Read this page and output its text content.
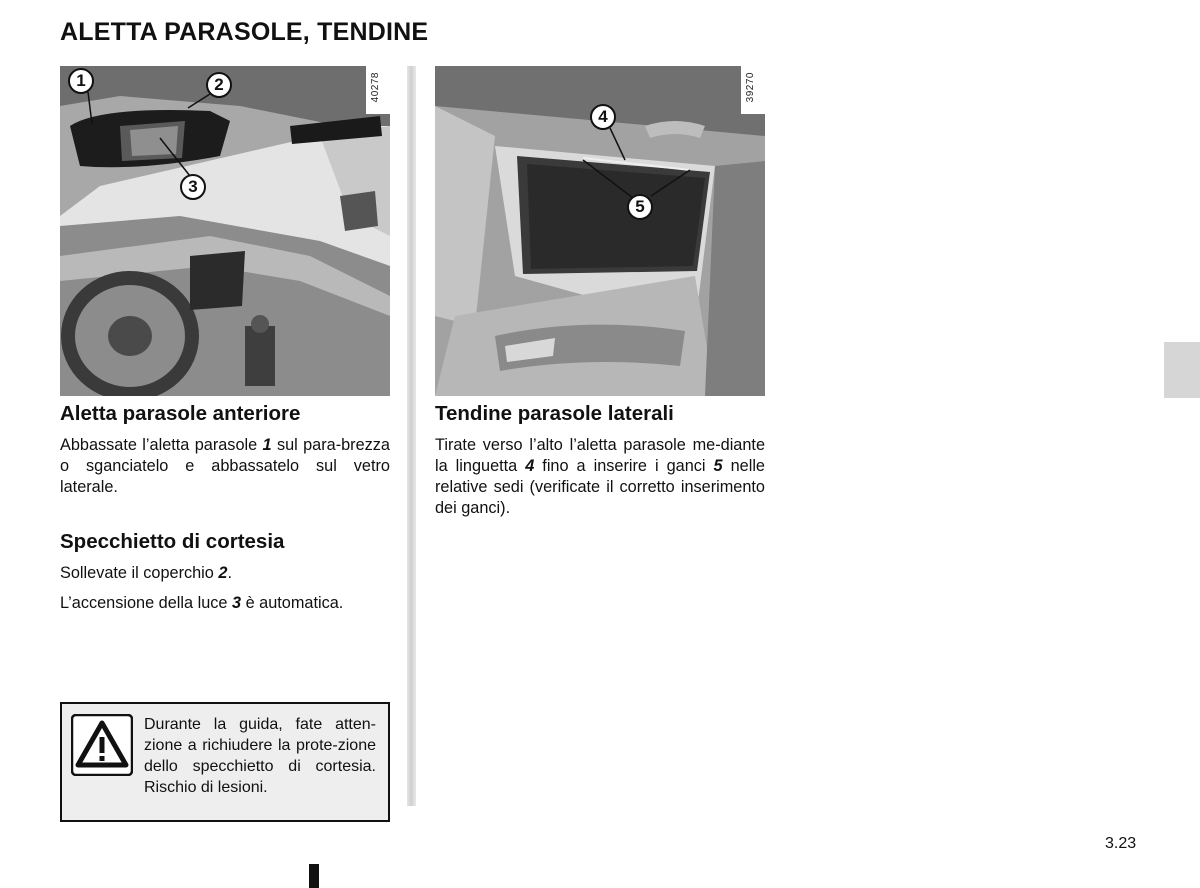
ALETTA PARASOLE, TENDINE
1	2
3
40278
4
5
39270
Aletta parasole anteriore

Abbassate l’aletta parasole 1 sul para-brezza o sganciatelo e abbassatelo sul vetro laterale.

Specchietto di cortesia

Sollevate il coperchio 2.

L’accensione della luce 3 è automatica.

Tendine parasole laterali

Tirate verso l’alto l’aletta parasole me-diante la linguetta 4 fino a inserire i ganci 5 nelle relative sedi (verificate il corretto inserimento dei ganci).

Durante la guida, fate atten-zione a richiudere la prote-zione dello specchietto di cortesia. Rischio di lesioni.
3.23
